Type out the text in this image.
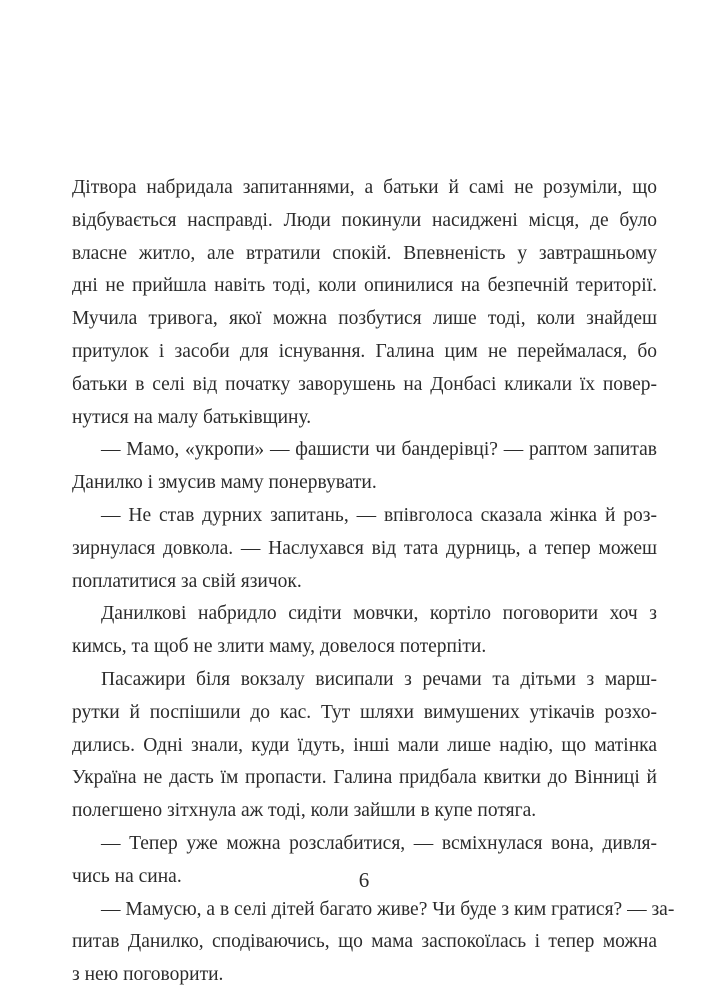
Дітвора набридала запитаннями, а батьки й самі не розуміли, що
відбувається насправді. Люди покинули насиджені місця, де було
власне житло, але втратили спокій. Впевненість у завтрашньому
дні не прийшла навіть тоді, коли опинилися на безпечній території.
Мучила тривога, якої можна позбутися лише тоді, коли знайдеш
притулок і засоби для існування. Галина цим не переймалася, бо
батьки в селі від початку заворушень на Донбасі кликали їх повер-
нутися на малу батьківщину.
— Мамо, «укропи» — фашисти чи бандерівці? — раптом запитав
Данилко і змусив маму понервувати.
— Не став дурних запитань, — впівголоса сказала жінка й роз-
зирнулася довкола. — Наслухався від тата дурниць, а тепер можеш
поплатитися за свій язичок.
Данилкові набридло сидіти мовчки, кортіло поговорити хоч з
кимсь, та щоб не злити маму, довелося потерпіти.
Пасажири біля вокзалу висипали з речами та дітьми з марш-
рутки й поспішили до кас. Тут шляхи вимушених утікачів розхо-
дились. Одні знали, куди їдуть, інші мали лише надію, що матінка
Україна не дасть їм пропасти. Галина придбала квитки до Вінниці й
полегшено зітхнула аж тоді, коли зайшли в купе потяга.
— Тепер уже можна розслабитися, — всміхнулася вона, дивля-
чись на сина.
— Мамусю, а в селі дітей багато живе? Чи буде з ким гратися? — за-
питав Данилко, сподіваючись, що мама заспокоїлась і тепер можна
з нею поговорити.
6
